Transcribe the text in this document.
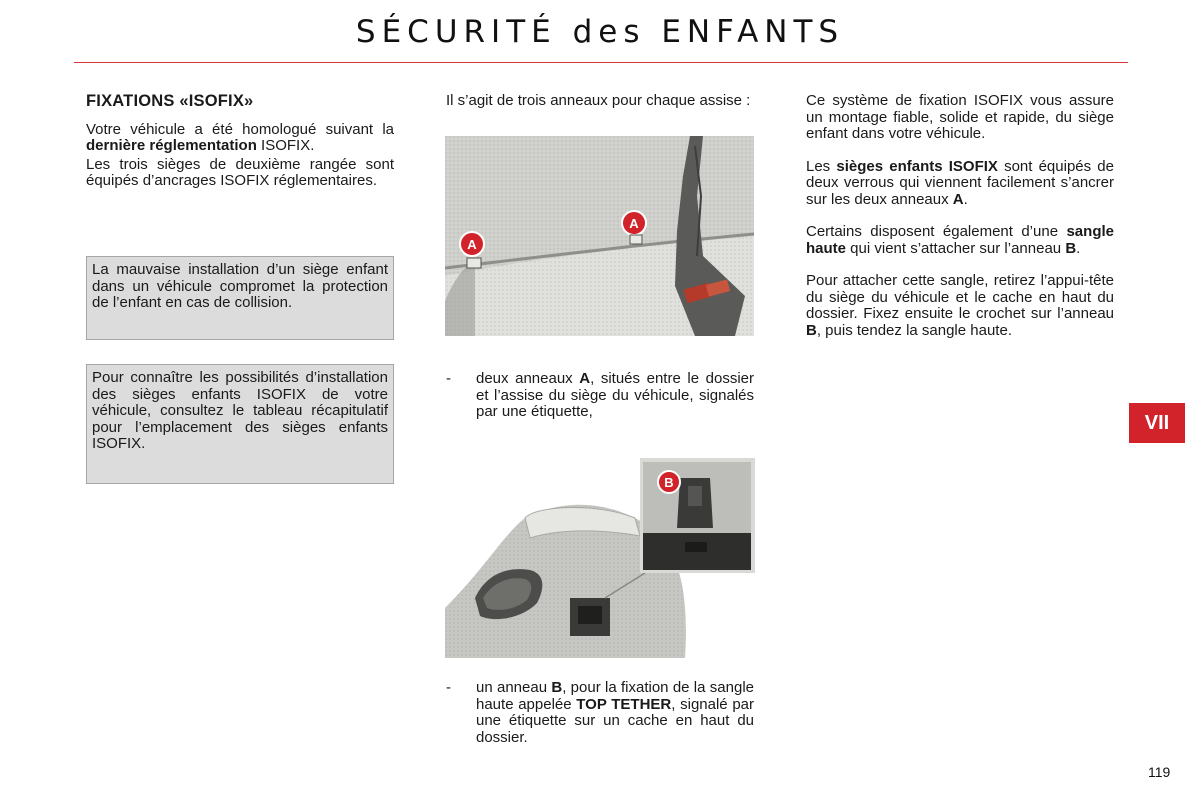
SÉCURITÉ des ENFANTS
FIXATIONS «ISOFIX»

Votre véhicule a été homologué suivant la dernière réglementation ISOFIX.

Les trois sièges de deuxième rangée sont équipés d’ancrages ISOFIX réglementaires.

La mauvaise installation d’un siège enfant dans un véhicule compromet la protection de l’enfant en cas de collision.
Pour connaître les possibilités d’installation des sièges enfants ISOFIX de votre véhicule, consultez le tableau récapitulatif pour l’emplacement des sièges enfants ISOFIX.

Il s’agit de trois anneaux pour chaque assise :

A
A
- deux anneaux A, situés entre le dossier et l’assise du siège du véhicule, signalés par une étiquette,

B
- un anneau B, pour la fixation de la sangle haute appelée TOP TETHER, signalé par une étiquette sur un cache en haut du dossier.

Ce système de fixation ISOFIX vous assure un montage fiable, solide et rapide, du siège enfant dans votre véhicule.

Les sièges enfants ISOFIX sont équipés de deux verrous qui viennent facilement s’ancrer sur les deux anneaux A.

Certains disposent également d’une sangle haute qui vient s’attacher sur l’anneau B.

Pour attacher cette sangle, retirez l’appui-tête du siège du véhicule et le cache en haut du dossier. Fixez ensuite le crochet sur l’anneau B, puis tendez la sangle haute.

VII
119
